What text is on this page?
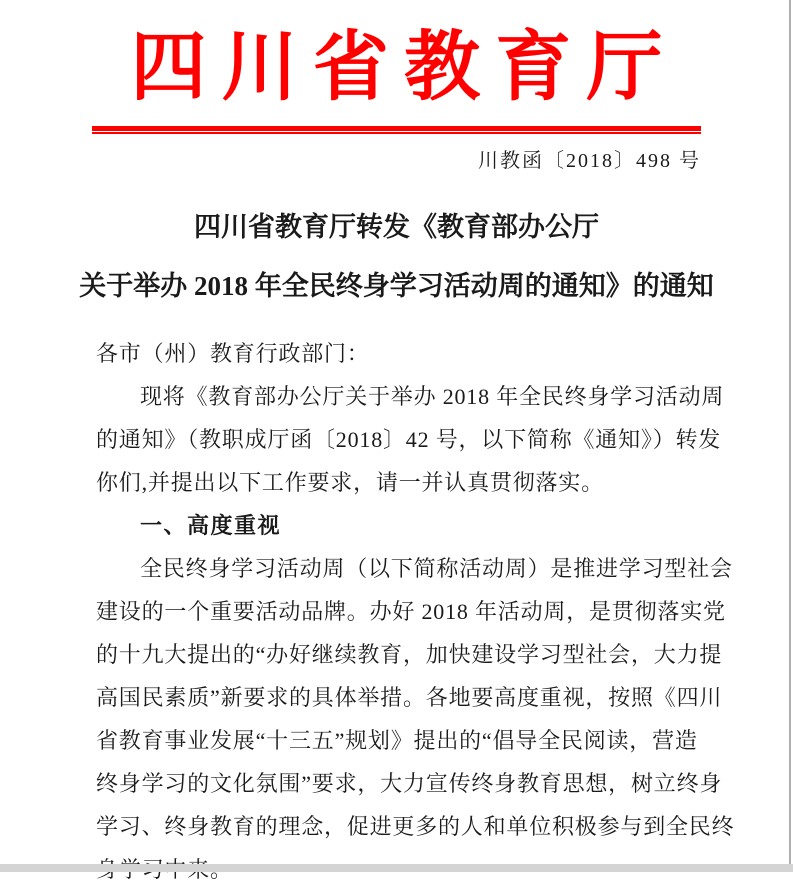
四川省教育厅
川教函〔2018〕498 号
四川省教育厅转发《教育部办公厅
关于举办 2018 年全民终身学习活动周的通知》的通知
各市（州）教育行政部门：
现将《教育部办公厅关于举办 2018 年全民终身学习活动周
的通知》（教职成厅函〔2018〕42 号，以下简称《通知》）转发
你们,并提出以下工作要求，请一并认真贯彻落实。
一、高度重视
全民终身学习活动周（以下简称活动周）是推进学习型社会
建设的一个重要活动品牌。办好 2018 年活动周，是贯彻落实党
的十九大提出的“办好继续教育，加快建设学习型社会，大力提
高国民素质”新要求的具体举措。各地要高度重视，按照《四川
省教育事业发展“十三五”规划》提出的“倡导全民阅读，营造
终身学习的文化氛围”要求，大力宣传终身教育思想，树立终身
学习、终身教育的理念，促进更多的人和单位积极参与到全民终
